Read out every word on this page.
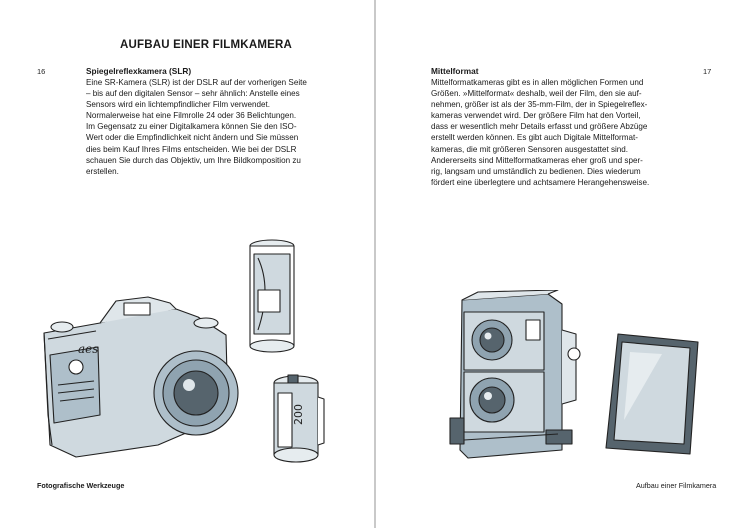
AUFBAU EINER FILMKAMERA
16	Spiegelreflexkamera (SLR)
Eine SR-Kamera (SLR) ist der DSLR auf der vorherigen Seite
– bis auf den digitalen Sensor – sehr ähnlich: Anstelle eines
Sensors wird ein lichtempfindlicher Film verwendet.
Normalerweise hat eine Filmrolle 24 oder 36 Belichtungen.
Im Gegensatz zu einer Digitalkamera können Sie den ISO-
Wert oder die Empfindlichkeit nicht ändern und Sie müssen
dies beim Kauf Ihres Films entscheiden. Wie bei der DSLR
schauen Sie durch das Objektiv, um Ihre Bildkomposition zu
erstellen.
aes
200
Fotografische Werkzeuge
17
Mittelformat
Mittelformatkameras gibt es in allen möglichen Formen und
Größen. »Mittelformat« deshalb, weil der Film, den sie auf-
nehmen, größer ist als der 35-mm-Film, der in Spiegelreflex-
kameras verwendet wird. Der größere Film hat den Vorteil,
dass er wesentlich mehr Details erfasst und größere Abzüge
erstellt werden können. Es gibt auch Digitale Mittelformat-
kameras, die mit größeren Sensoren ausgestattet sind.
Andererseits sind Mittelformatkameras eher groß und sper-
rig, langsam und umständlich zu bedienen. Dies wiederum
fördert eine überlegtere und achtsamere Herangehensweise.
Aufbau einer Filmkamera
